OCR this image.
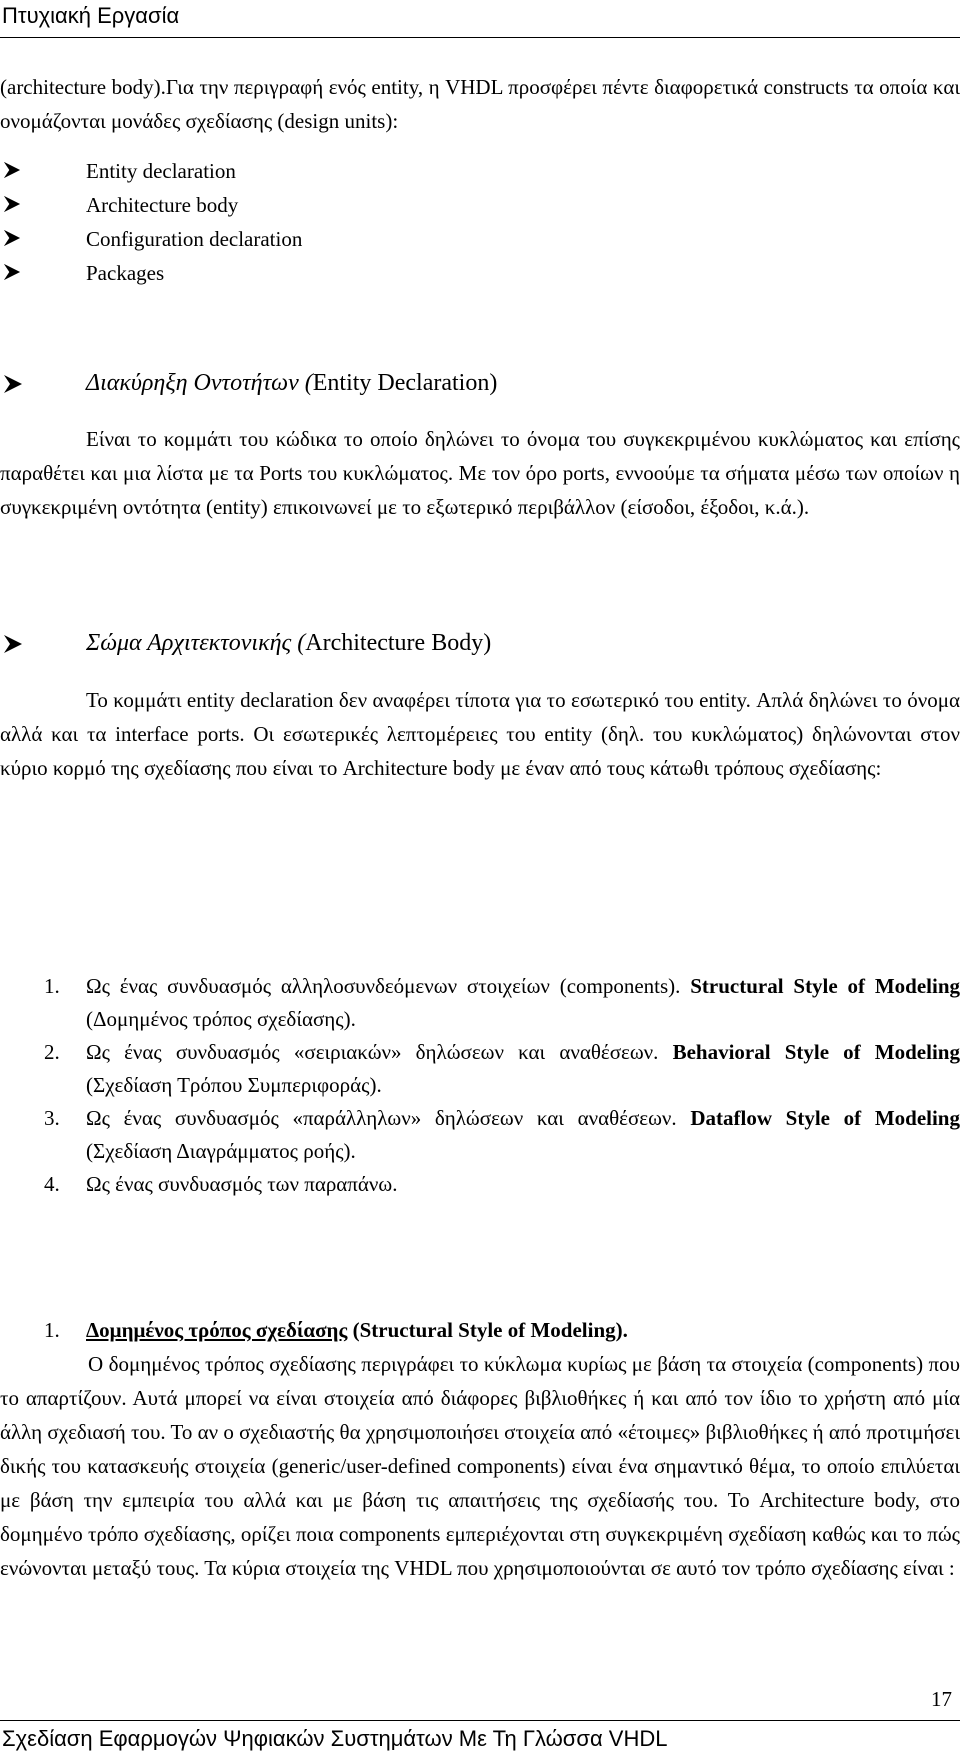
Πτυχιακή Εργασία

(architecture body).Για την περιγραφή ενός entity, η VHDL προσφέρει πέντε διαφορετικά constructs τα οποία και ονομάζονται μονάδες σχεδίασης (design units):

Entity declaration
Architecture body
Configuration declaration
Packages
Διακύρηξη Οντοτήτων (Entity Declaration)

Είναι το κομμάτι του κώδικα το οποίο δηλώνει το όνομα του συγκεκριμένου κυκλώματος και επίσης παραθέτει και μια λίστα με τα Ports του κυκλώματος. Με τον όρο ports, εννοούμε τα σήματα μέσω των οποίων η συγκεκριμένη οντότητα (entity) επικοινωνεί με το εξωτερικό περιβάλλον (είσοδοι, έξοδοι, κ.ά.).

Σώμα Αρχιτεκτονικής (Architecture Body)

Το κομμάτι entity declaration δεν αναφέρει τίποτα για το εσωτερικό του entity. Απλά δηλώνει το όνομα αλλά και τα interface ports. Οι εσωτερικές λεπτομέρειες του entity (δηλ. του κυκλώματος) δηλώνονται στον κύριο κορμό της σχεδίασης που είναι το Architecture body με έναν από τους κάτωθι τρόπους σχεδίασης:

1. Ως ένας συνδυασμός αλληλοσυνδεόμενων στοιχείων (components). Structural Style of Modeling (Δομημένος τρόπος σχεδίασης).
2. Ως ένας συνδυασμός «σειριακών» δηλώσεων και αναθέσεων. Behavioral Style of Modeling (Σχεδίαση Τρόπου Συμπεριφοράς).
3. Ως ένας συνδυασμός «παράλληλων» δηλώσεων και αναθέσεων. Dataflow Style of Modeling (Σχεδίαση Διαγράμματος ροής).
4. Ως ένας συνδυασμός των παραπάνω.
1. Δομημένος τρόπος σχεδίασης (Structural Style of Modeling).

Ο δομημένος τρόπος σχεδίασης περιγράφει το κύκλωμα κυρίως με βάση τα στοιχεία (components) που το απαρτίζουν. Αυτά μπορεί να είναι στοιχεία από διάφορες βιβλιοθήκες ή και από τον ίδιο το χρήστη από μία άλλη σχεδιασή του. Το αν ο σχεδιαστής θα χρησιμοποιήσει στοιχεία από «έτοιμες» βιβλιοθήκες ή από προτιμήσει δικής του κατασκευής στοιχεία (generic/user-defined components) είναι ένα σημαντικό θέμα, το οποίο επιλύεται με βάση την εμπειρία του αλλά και με βάση τις απαιτήσεις της σχεδίασής του. Το Architecture body, στο δομημένο τρόπο σχεδίασης, ορίζει ποια components εμπεριέχονται στη συγκεκριμένη σχεδίαση καθώς και το πώς ενώνονται μεταξύ τους. Τα κύρια στοιχεία της VHDL που χρησιμοποιούνται σε αυτό τον τρόπο σχεδίασης είναι :

17
Σχεδίαση Εφαρμογών Ψηφιακών Συστημάτων Με Τη Γλώσσα VHDL
